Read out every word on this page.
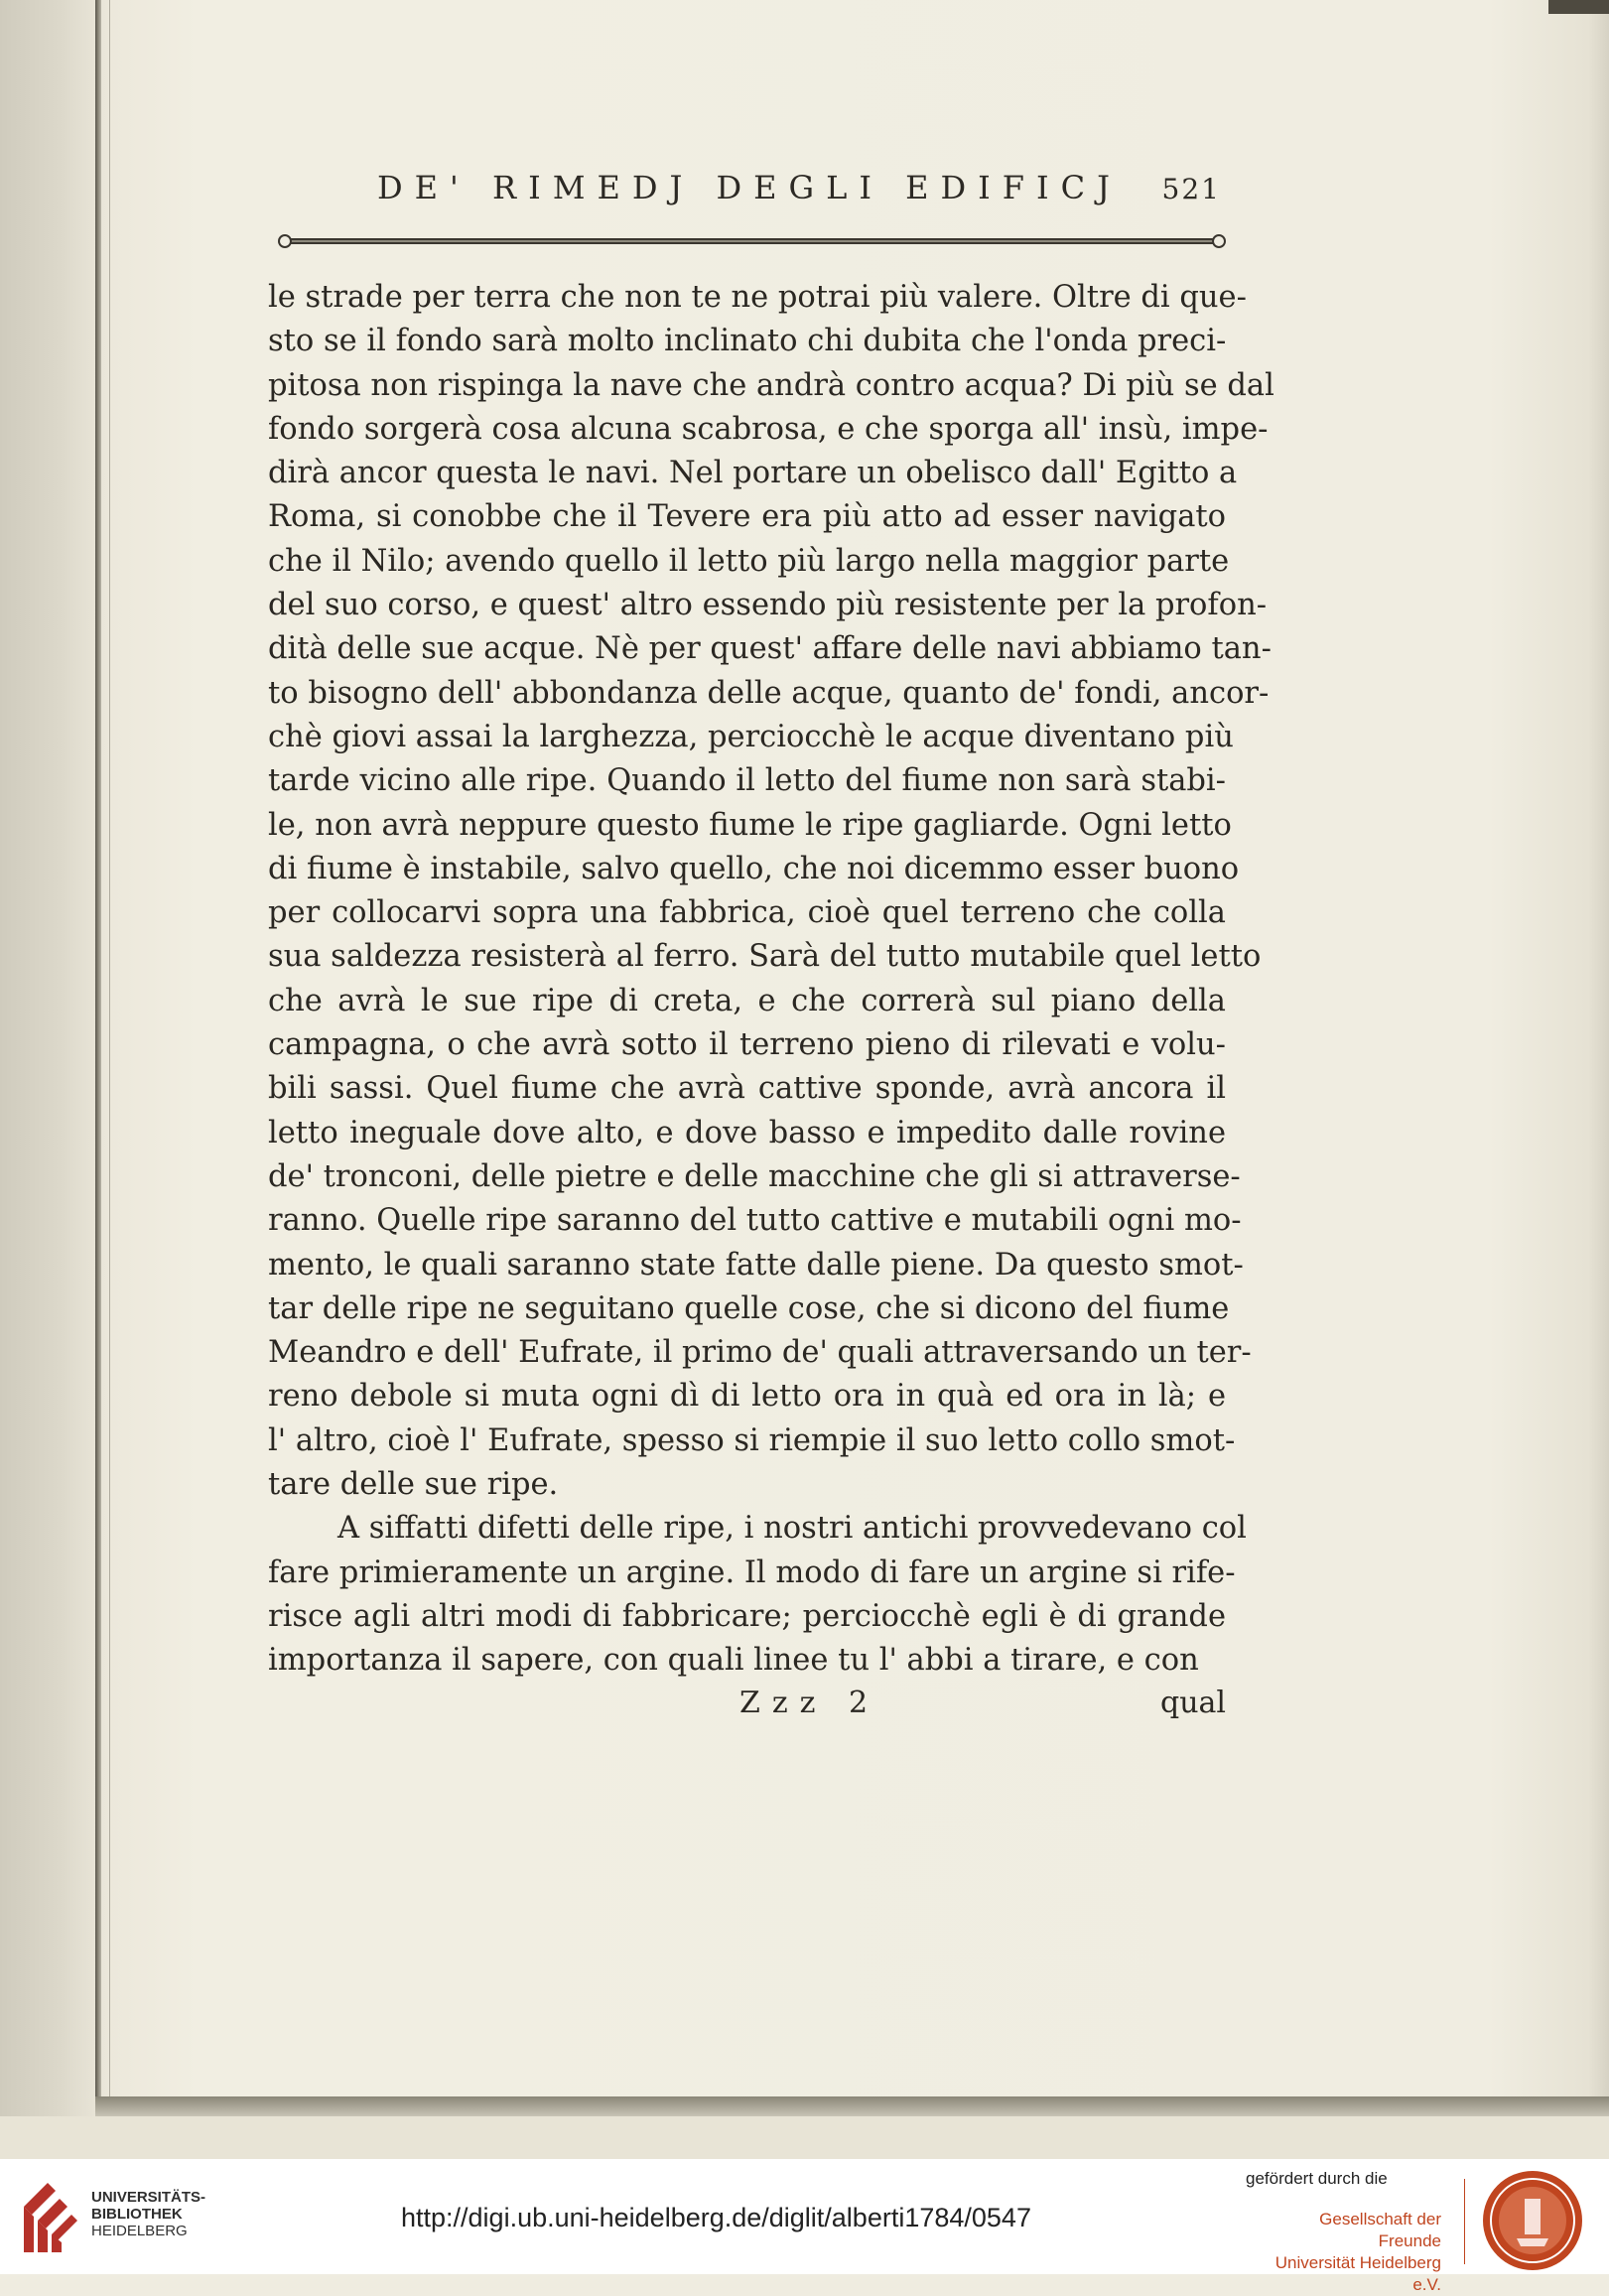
DE' RIMEDJ DEGLI EDIFICJ 521
le strade per terra che non te ne potrai più valere. Oltre di que-
sto se il fondo sarà molto inclinato chi dubita che l'onda preci-
pitosa non rispinga la nave che andrà contro acqua? Di più se dal
fondo sorgerà cosa alcuna scabrosa, e che sporga all' insù, impe-
dirà ancor questa le navi. Nel portare un obelisco dall' Egitto a
Roma, si conobbe che il Tevere era più atto ad esser navigato
che il Nilo; avendo quello il letto più largo nella maggior parte
del suo corso, e quest' altro essendo più resistente per la profon-
dità delle sue acque. Nè per quest' affare delle navi abbiamo tan-
to bisogno dell' abbondanza delle acque, quanto de' fondi, ancor-
chè giovi assai la larghezza, perciocchè le acque diventano più
tarde vicino alle ripe. Quando il letto del fiume non sarà stabi-
le, non avrà neppure questo fiume le ripe gagliarde. Ogni letto
di fiume è instabile, salvo quello, che noi dicemmo esser buono
per collocarvi sopra una fabbrica, cioè quel terreno che colla
sua saldezza resisterà al ferro. Sarà del tutto mutabile quel letto
che avrà le sue ripe di creta, e che correrà sul piano della
campagna, o che avrà sotto il terreno pieno di rilevati e volu-
bili sassi. Quel fiume che avrà cattive sponde, avrà ancora il
letto ineguale dove alto, e dove basso e impedito dalle rovine
de' tronconi, delle pietre e delle macchine che gli si attraverse-
ranno. Quelle ripe saranno del tutto cattive e mutabili ogni mo-
mento, le quali saranno state fatte dalle piene. Da questo smot-
tar delle ripe ne seguitano quelle cose, che si dicono del fiume
Meandro e dell' Eufrate, il primo de' quali attraversando un ter-
reno debole si muta ogni dì di letto ora in quà ed ora in là; e
l' altro, cioè l' Eufrate, spesso si riempie il suo letto collo smot-
tare delle sue ripe.
A siffatti difetti delle ripe, i nostri antichi provvedevano col
fare primieramente un argine. Il modo di fare un argine si rife-
risce agli altri modi di fabbricare; perciocchè egli è di grande
importanza il sapere, con quali linee tu l' abbi a tirare, e con
Zzz 2	qual
UNIVERSITÄTS-
BIBLIOTHEK
HEIDELBERG	http://digi.ub.uni-heidelberg.de/diglit/alberti1784/0547
gefördert durch die
Gesellschaft der Freunde
Universität Heidelberg e.V.
